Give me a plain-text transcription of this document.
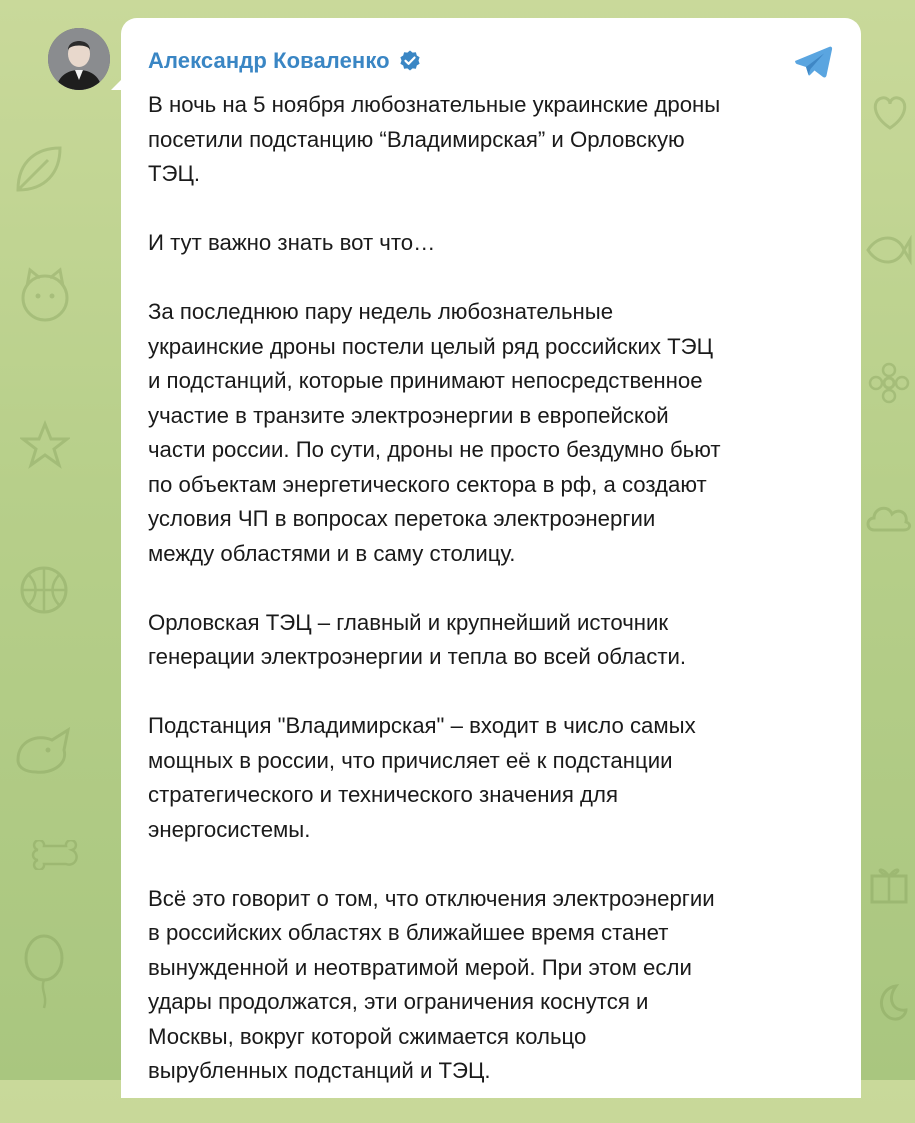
Александр Коваленко

В ночь на 5 ноября любознательные украинские дроны
посетили подстанцию “Владимирская” и Орловскую
ТЭЦ.

И тут важно знать вот что…

За последнюю пару недель любознательные
украинские дроны постели целый ряд российских ТЭЦ
и подстанций, которые принимают непосредственное
участие в транзите электроэнергии в европейской
части россии. По сути, дроны не просто бездумно бьют
по объектам энергетического сектора в рф, а создают
условия ЧП в вопросах перетока электроэнергии
между областями и в саму столицу.

Орловская ТЭЦ – главный и крупнейший источник
генерации электроэнергии и тепла во всей области.

Подстанция "Владимирская" – входит в число самых
мощных в россии, что причисляет её к подстанции
стратегического и технического значения для
энергосистемы.

Всё это говорит о том, что отключения электроэнергии
в российских областях в ближайшее время станет
вынужденной и неотвратимой мерой. При этом если
удары продолжатся, эти ограничения коснутся и
Москвы, вокруг которой сжимается кольцо
вырубленных подстанций и ТЭЦ.
